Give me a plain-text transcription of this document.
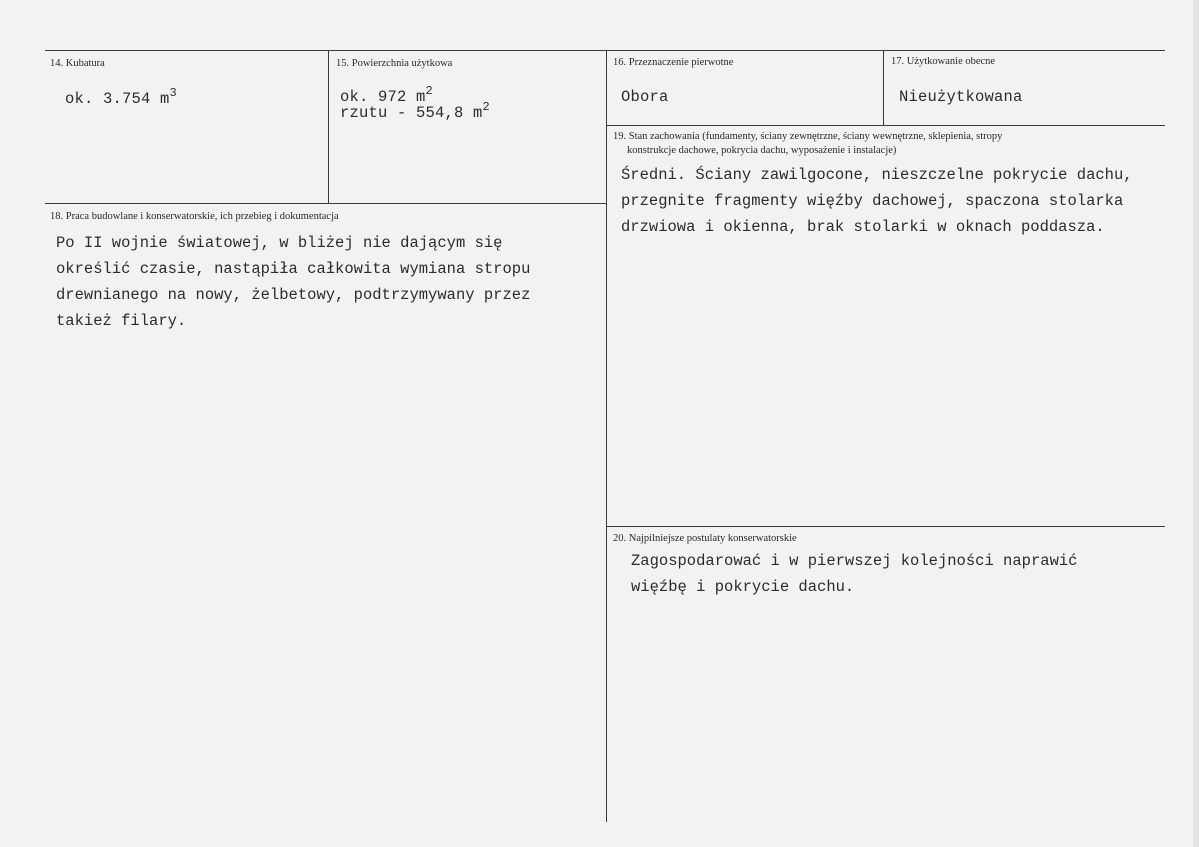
14. Kubatura
ok. 3.754 $m^3$
15. Powierzchnia użytkowa
ok. 972 $m^2$
rzutu - 554,8 $m^2$
16. Przeznaczenie pierwotne
Obora
17. Użytkowanie obecne
Nieużytkowana
18. Praca budowlane i konserwatorskie, ich przebieg i dokumentacja
Po II wojnie światowej, w bliżej nie dającym się
określić czasie, nastąpiła całkowita wymiana stropu
drewnianego na nowy, żelbetowy, podtrzymywany przez
takież filary.
19. Stan zachowania (fundamenty, ściany zewnętrzne, ściany wewnętrzne, sklepienia, stropy
konstrukcje dachowe, pokrycia dachu, wyposażenie i instalacje)
Średni. Ściany zawilgocone, nieszczelne pokrycie dachu,
przegnite fragmenty więźby dachowej, spaczona stolarka
drzwiowa i okienna, brak stolarki w oknach poddasza.
20. Najpilniejsze postulaty konserwatorskie
Zagospodarować i w pierwszej kolejności naprawić
więźbę i pokrycie dachu.
